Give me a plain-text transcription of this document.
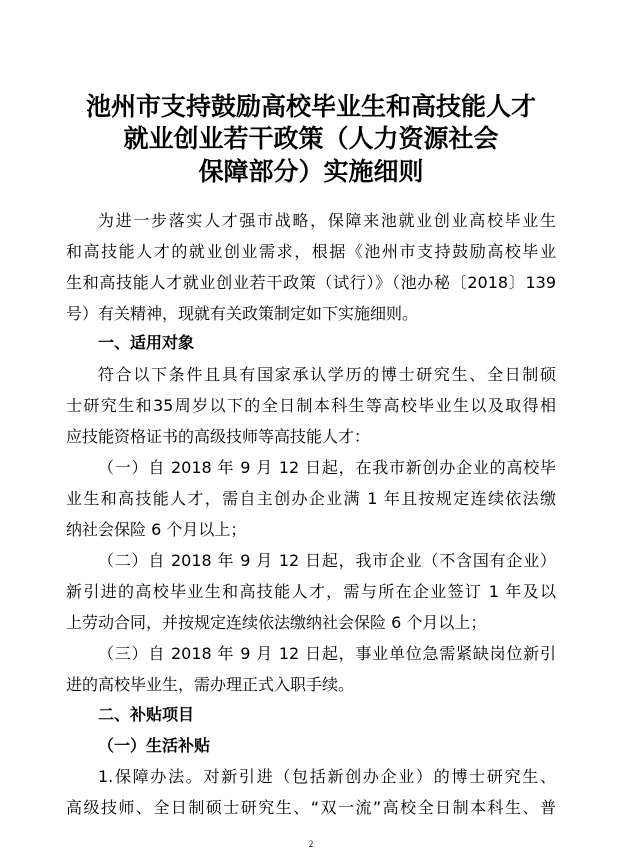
池州市支持鼓励高校毕业生和高技能人才
就业创业若干政策（人力资源社会
保障部分）实施细则
为进一步落实人才强市战略，保障来池就业创业高校毕业生
和高技能人才的就业创业需求，根据《池州市支持鼓励高校毕业
生和高技能人才就业创业若干政策（试行）》（池办秘〔2018〕139
号）有关精神，现就有关政策制定如下实施细则。
一、适用对象
符合以下条件且具有国家承认学历的博士研究生、全日制硕
士研究生和35周岁以下的全日制本科生等高校毕业生以及取得相
应技能资格证书的高级技师等高技能人才：
（一）自 2018 年 9 月 12 日起，在我市新创办企业的高校毕
业生和高技能人才，需自主创办企业满 1 年且按规定连续依法缴
纳社会保险 6 个月以上；
（二）自 2018 年 9 月 12 日起，我市企业（不含国有企业）
新引进的高校毕业生和高技能人才，需与所在企业签订 1 年及以
上劳动合同，并按规定连续依法缴纳社会保险 6 个月以上；
（三）自 2018 年 9 月 12 日起，事业单位急需紧缺岗位新引
进的高校毕业生，需办理正式入职手续。
二、补贴项目
（一）生活补贴
1.保障办法。对新引进（包括新创办企业）的博士研究生、
高级技师、全日制硕士研究生、“双一流”高校全日制本科生、普
2
